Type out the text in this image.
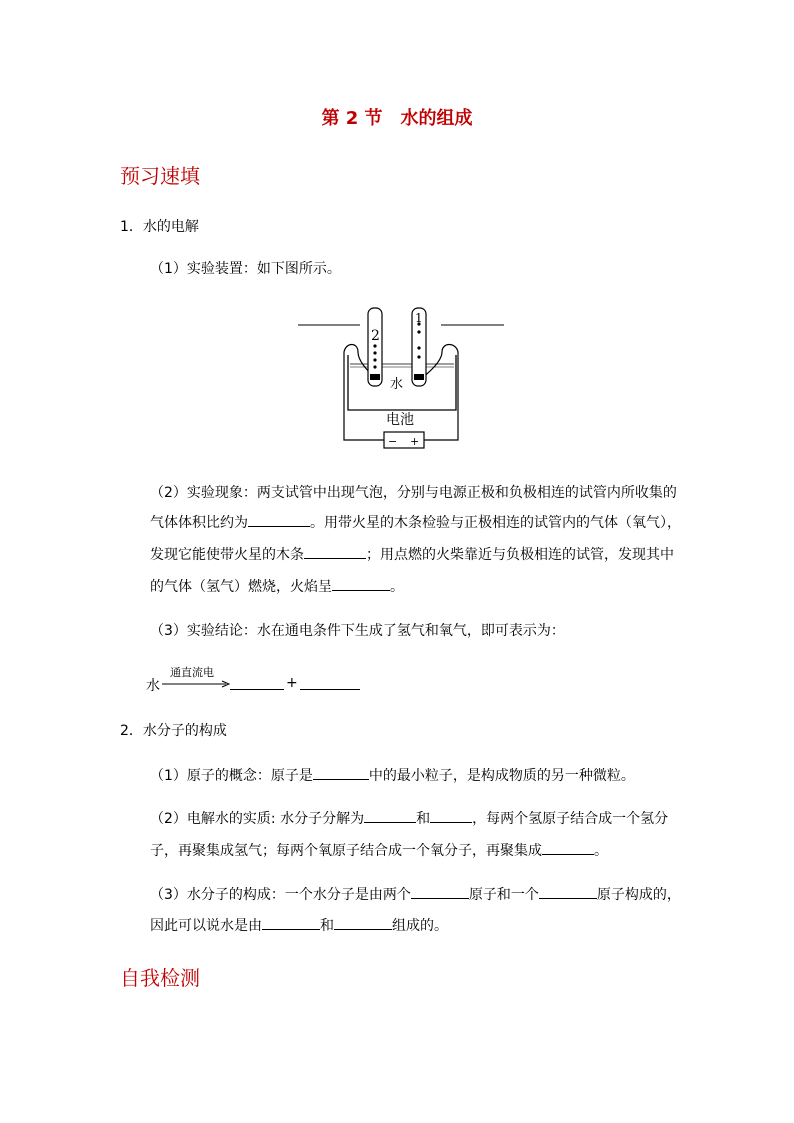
第 2 节　水的组成
预习速填
1．水的电解
（1）实验装置：如下图所示。
2
1
水
电池
− +
（2）实验现象：两支试管中出现气泡，分别与电源正极和负极相连的试管内所收集的
气体体积比约为	。用带火星的木条检验与正极相连的试管内的气体（氧气），
发现它能使带火星的木条	；用点燃的火柴靠近与负极相连的试管，发现其中
的气体（氢气）燃烧，火焰呈	。
（3）实验结论：水在通电条件下生成了氢气和氧气，即可表示为：
水
通直流电
+
2．水分子的构成
（1）原子的概念：原子是	中的最小粒子，是构成物质的另一种微粒。
（2）电解水的实质: 水分子分解为	和	，每两个氢原子结合成一个氢分
子，再聚集成氢气；每两个氧原子结合成一个氧分子，再聚集成	。
（3）水分子的构成：一个水分子是由两个	原子和一个	原子构成的，
因此可以说水是由	和	组成的。
自我检测
